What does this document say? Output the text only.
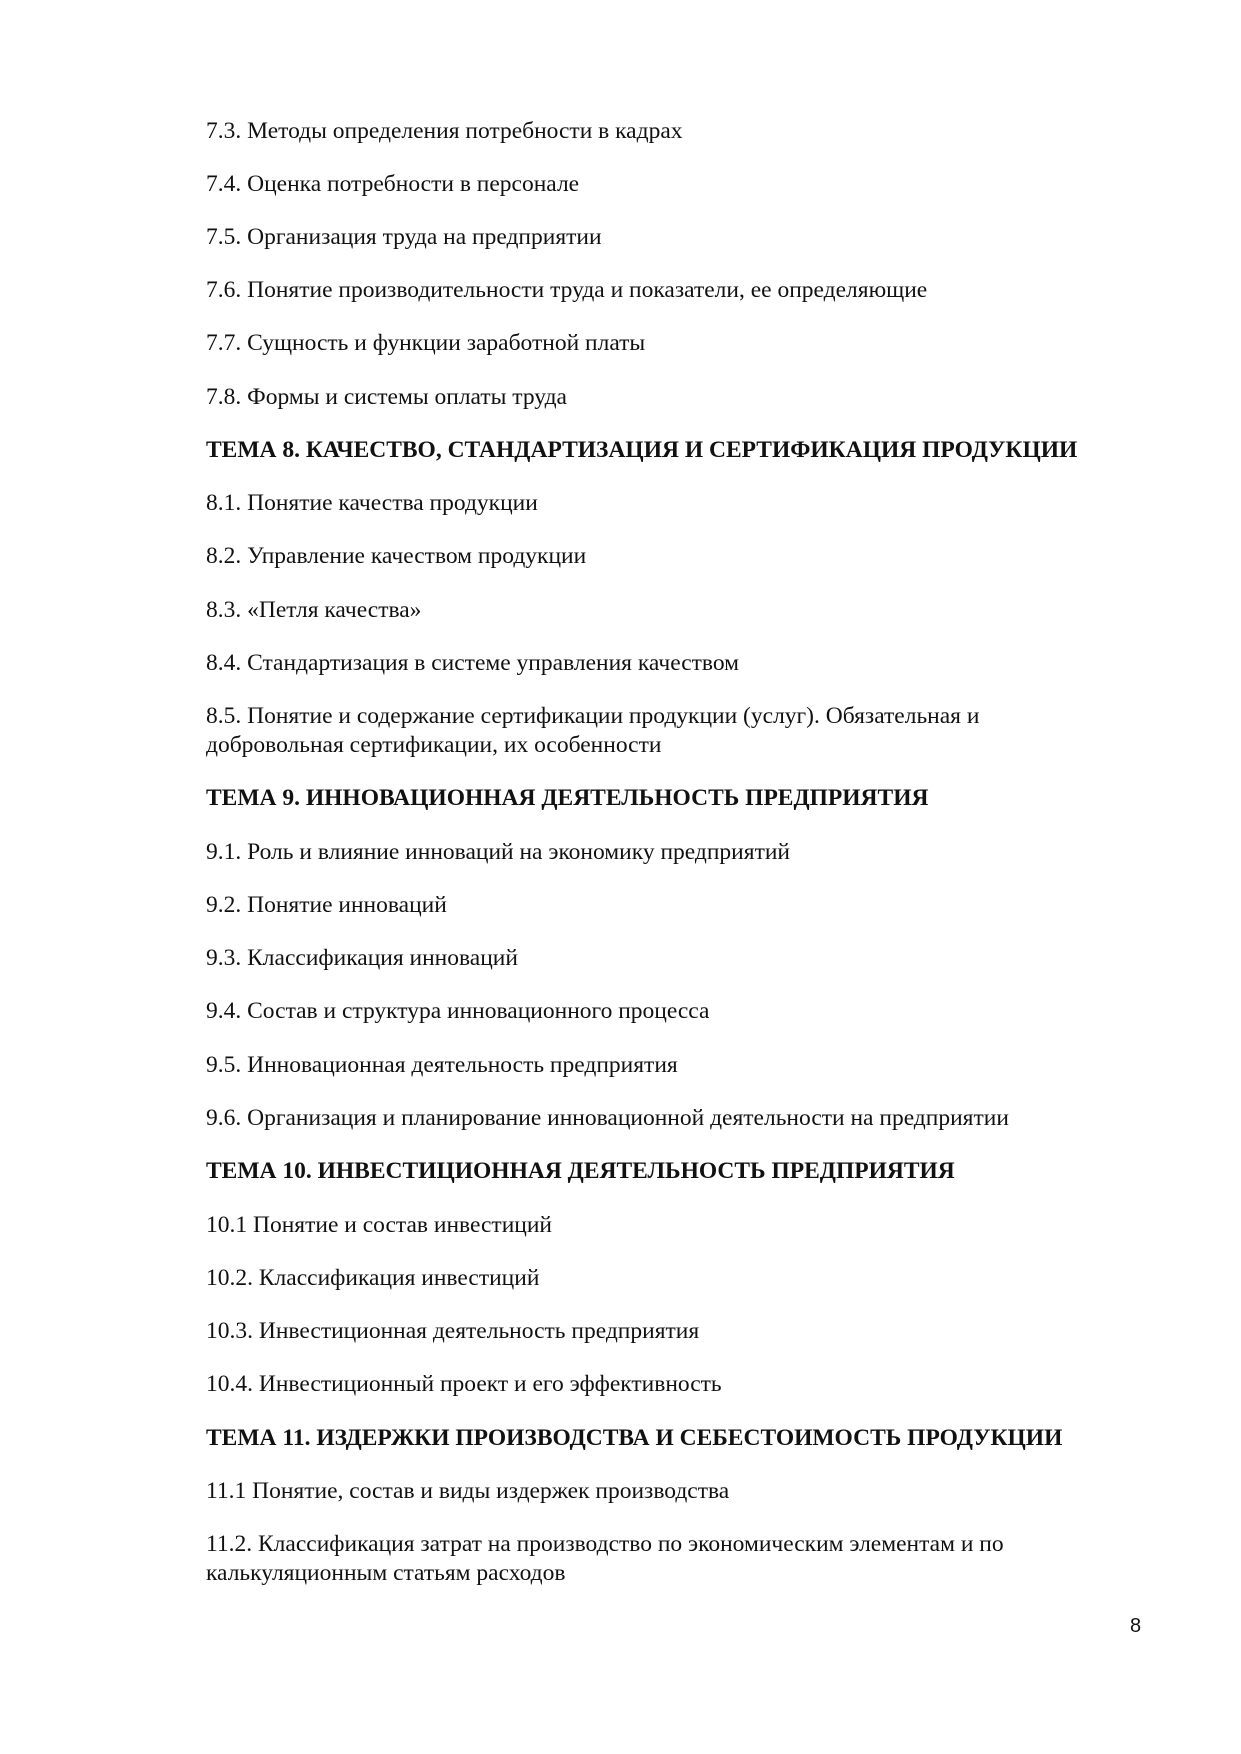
7.3. Методы определения потребности в кадрах
7.4. Оценка потребности в персонале
7.5. Организация труда на предприятии
7.6. Понятие производительности труда и показатели, ее определяющие
7.7. Сущность и функции заработной платы
7.8. Формы и системы оплаты труда
ТЕМА 8. КАЧЕСТВО, СТАНДАРТИЗАЦИЯ И СЕРТИФИКАЦИЯ ПРОДУКЦИИ
8.1. Понятие качества продукции
8.2. Управление качеством продукции
8.3. «Петля качества»
8.4. Стандартизация в системе управления качеством
8.5. Понятие и содержание сертификации продукции (услуг). Обязательная и добровольная сертификации, их особенности
ТЕМА 9. ИННОВАЦИОННАЯ ДЕЯТЕЛЬНОСТЬ ПРЕДПРИЯТИЯ
9.1. Роль и влияние инноваций на экономику предприятий
9.2. Понятие инноваций
9.3. Классификация инноваций
9.4. Состав и структура инновационного процесса
9.5. Инновационная деятельность предприятия
9.6. Организация и планирование инновационной деятельности на предприятии
ТЕМА 10. ИНВЕСТИЦИОННАЯ ДЕЯТЕЛЬНОСТЬ ПРЕДПРИЯТИЯ
10.1 Понятие и состав инвестиций
10.2. Классификация инвестиций
10.3. Инвестиционная деятельность предприятия
10.4. Инвестиционный проект и его эффективность
ТЕМА 11. ИЗДЕРЖКИ ПРОИЗВОДСТВА И СЕБЕСТОИМОСТЬ ПРОДУКЦИИ
11.1 Понятие, состав и виды издержек производства
11.2. Классификация затрат на производство по экономическим элементам и по калькуляционным статьям расходов
8
